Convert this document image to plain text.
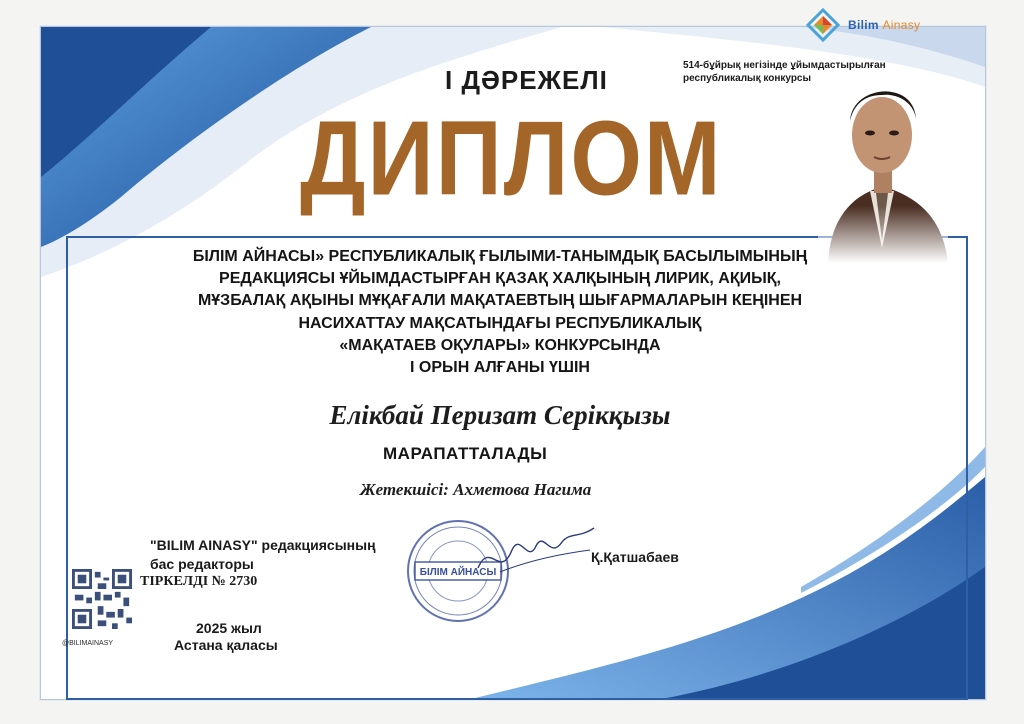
Bilim Ainasy
І ДӘРЕЖЕЛІ
ДИПЛОМ
514-бұйрық негізінде ұйымдастырылған
республикалық конкурсы
БІЛІМ АЙНАСЫ» РЕСПУБЛИКАЛЫҚ ҒЫЛЫМИ-ТАНЫМДЫҚ БАСЫЛЫМЫНЫҢ
РЕДАКЦИЯСЫ ҰЙЫМДАСТЫРҒАН ҚАЗАҚ ХАЛҚЫНЫҢ ЛИРИК, АҚИЫҚ,
МҰЗБАЛАҚ АҚЫНЫ МҰҚАҒАЛИ МАҚАТАЕВТЫҢ ШЫҒАРМАЛАРЫН КЕҢІНЕН
НАСИХАТТАУ МАҚСАТЫНДАҒЫ РЕСПУБЛИКАЛЫҚ
«МАҚАТАЕВ ОҚУЛАРЫ» КОНКУРСЫНДА
І ОРЫН АЛҒАНЫ ҮШІН
Елікбай Перизат Серікқызы
МАРАПАТТАЛАДЫ
Жетекшісі: Ахметова Нагима
"BILIM AINASY" редакциясының
бас редакторы
ТІРКЕЛДІ № 2730
@BILIMAINASY
БІЛІМ АЙНАСЫ
Қ.Қатшабаев
2025 жыл
Астана қаласы
